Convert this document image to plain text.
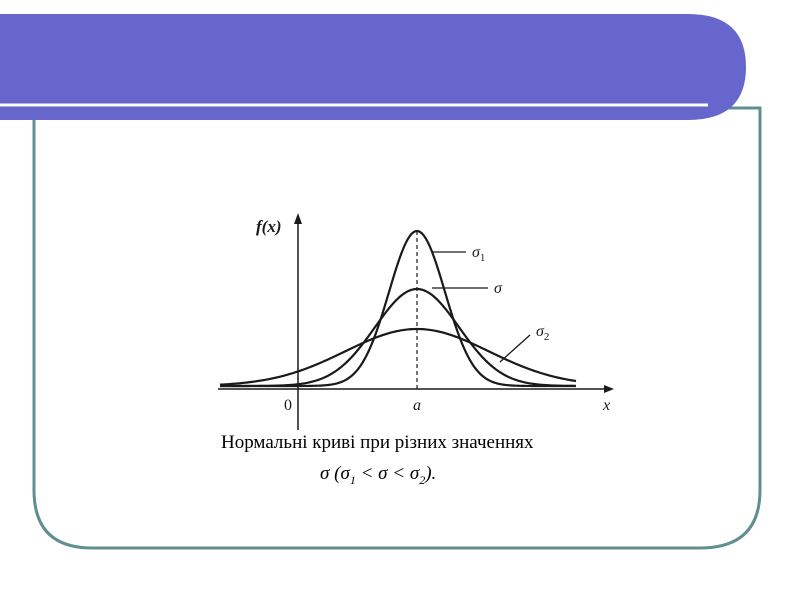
f(x)
0	a	x
$\sigma_1$
σ
$\sigma_2$
Нормальні криві при різних значеннях
σ $(\sigma_1 < \sigma < \sigma_2)$.
